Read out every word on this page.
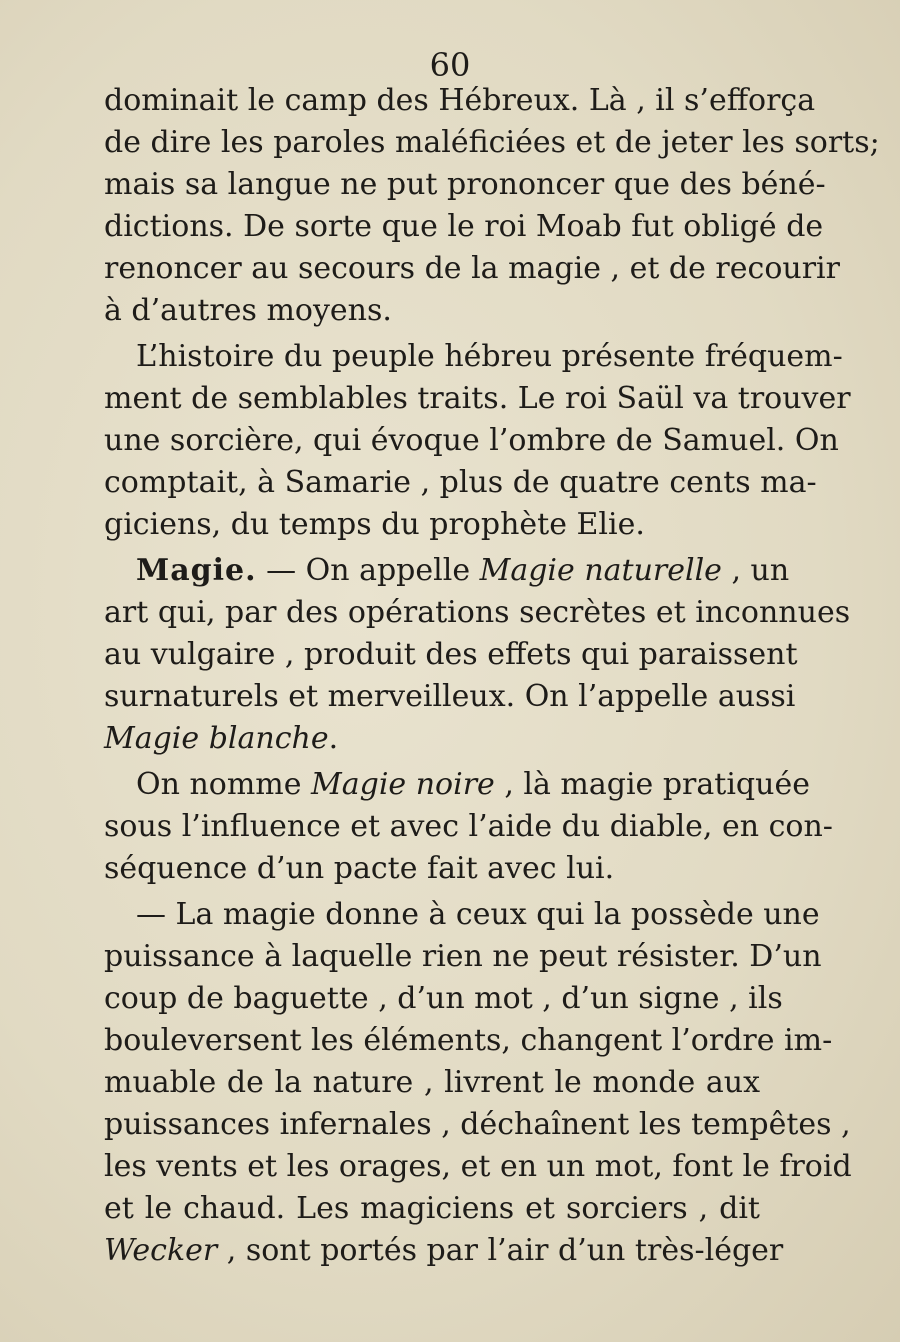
60
dominait le camp des Hébreux. Là , il s’efforça
de dire les paroles maléficiées et de jeter les sorts;
mais sa langue ne put prononcer que des béné-
dictions. De sorte que le roi Moab fut obligé de
renoncer au secours de la magie , et de recourir
à d’autres moyens.
L’histoire du peuple hébreu présente fréquem-
ment de semblables traits. Le roi Saül va trouver
une sorcière, qui évoque l’ombre de Samuel. On
comptait, à Samarie , plus de quatre cents ma-
giciens, du temps du prophète Elie.
Magie. — On appelle Magie naturelle , un
art qui, par des opérations secrètes et inconnues
au vulgaire , produit des effets qui paraissent
surnaturels et merveilleux. On l’appelle aussi
Magie blanche.
On nomme Magie noire , là magie pratiquée
sous l’influence et avec l’aide du diable, en con-
séquence d’un pacte fait avec lui.
— La magie donne à ceux qui la possède une
puissance à laquelle rien ne peut résister. D’un
coup de baguette , d’un mot , d’un signe , ils
bouleversent les éléments, changent l’ordre im-
muable de la nature , livrent le monde aux
puissances infernales , déchaînent les tempêtes ,
les vents et les orages, et en un mot, font le froid
et le chaud. Les magiciens et sorciers , dit
Wecker , sont portés par l’air d’un très-léger
